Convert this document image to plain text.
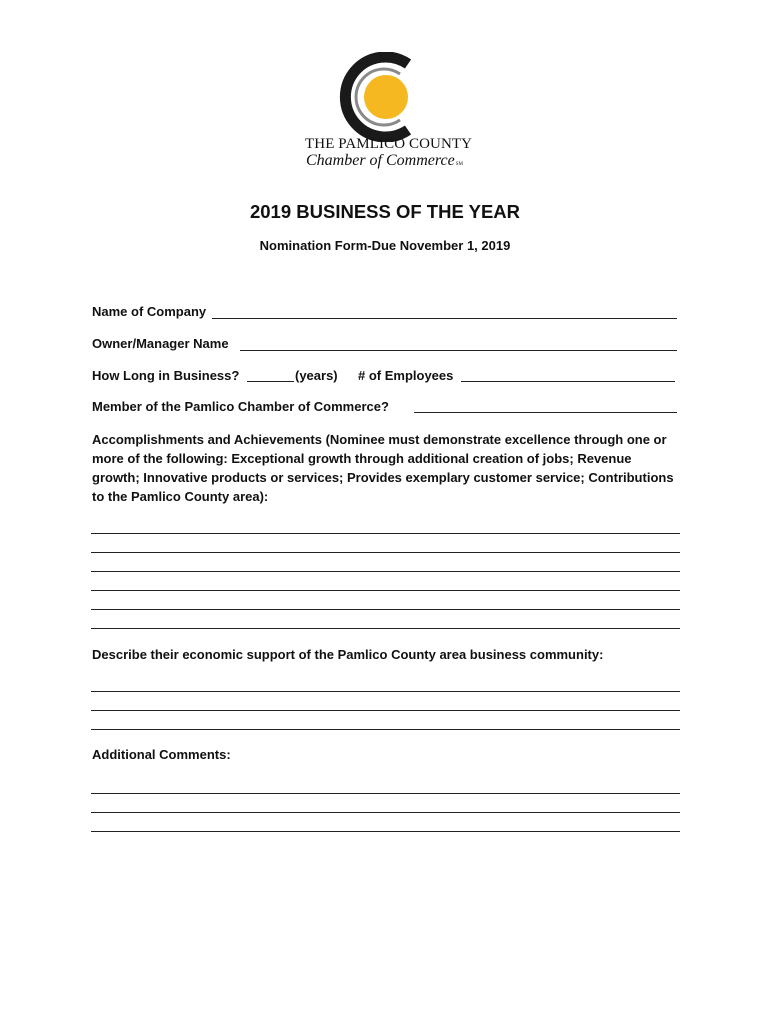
THE PAMLICO COUNTY
Chamber of CommerceSM
2019 BUSINESS OF THE YEAR
Nomination Form-Due November 1, 2019
Name of Company
Owner/Manager Name
How Long in Business?	(years) # of Employees
Member of the Pamlico Chamber of Commerce?
Accomplishments and Achievements (Nominee must demonstrate excellence through one or more of the following: Exceptional growth through additional creation of jobs; Revenue growth; Innovative products or services; Provides exemplary customer service; Contributions to the Pamlico County area):
Describe their economic support of the Pamlico County area business community:
Additional Comments:
